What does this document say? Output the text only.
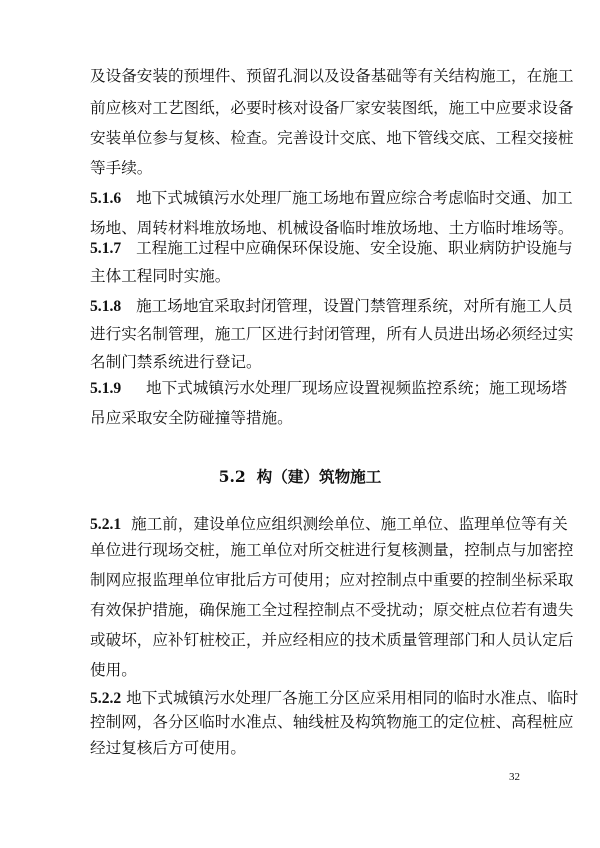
及设备安装的预埋件、预留孔洞以及设备基础等有关结构施工，在施工
前应核对工艺图纸，必要时核对设备厂家安装图纸，施工中应要求设备
安装单位参与复核、检查。完善设计交底、地下管线交底、工程交接桩
等手续。
5.1.6 地下式城镇污水处理厂施工场地布置应综合考虑临时交通、加工
场地、周转材料堆放场地、机械设备临时堆放场地、土方临时堆场等。
5.1.7 工程施工过程中应确保环保设施、安全设施、职业病防护设施与
主体工程同时实施。
5.1.8 施工场地宜采取封闭管理，设置门禁管理系统，对所有施工人员
进行实名制管理，施工厂区进行封闭管理，所有人员进出场必须经过实
名制门禁系统进行登记。
5.1.9 地下式城镇污水处理厂现场应设置视频监控系统；施工现场塔
吊应采取安全防碰撞等措施。
5.2 构（建）筑物施工
5.2.1 施工前，建设单位应组织测绘单位、施工单位、监理单位等有关
单位进行现场交桩，施工单位对所交桩进行复核测量，控制点与加密控
制网应报监理单位审批后方可使用；应对控制点中重要的控制坐标采取
有效保护措施，确保施工全过程控制点不受扰动；原交桩点位若有遗失
或破坏，应补钉桩校正，并应经相应的技术质量管理部门和人员认定后
使用。
5.2.2 地下式城镇污水处理厂各施工分区应采用相同的临时水准点、临时
控制网，各分区临时水准点、轴线桩及构筑物施工的定位桩、高程桩应
经过复核后方可使用。
32
